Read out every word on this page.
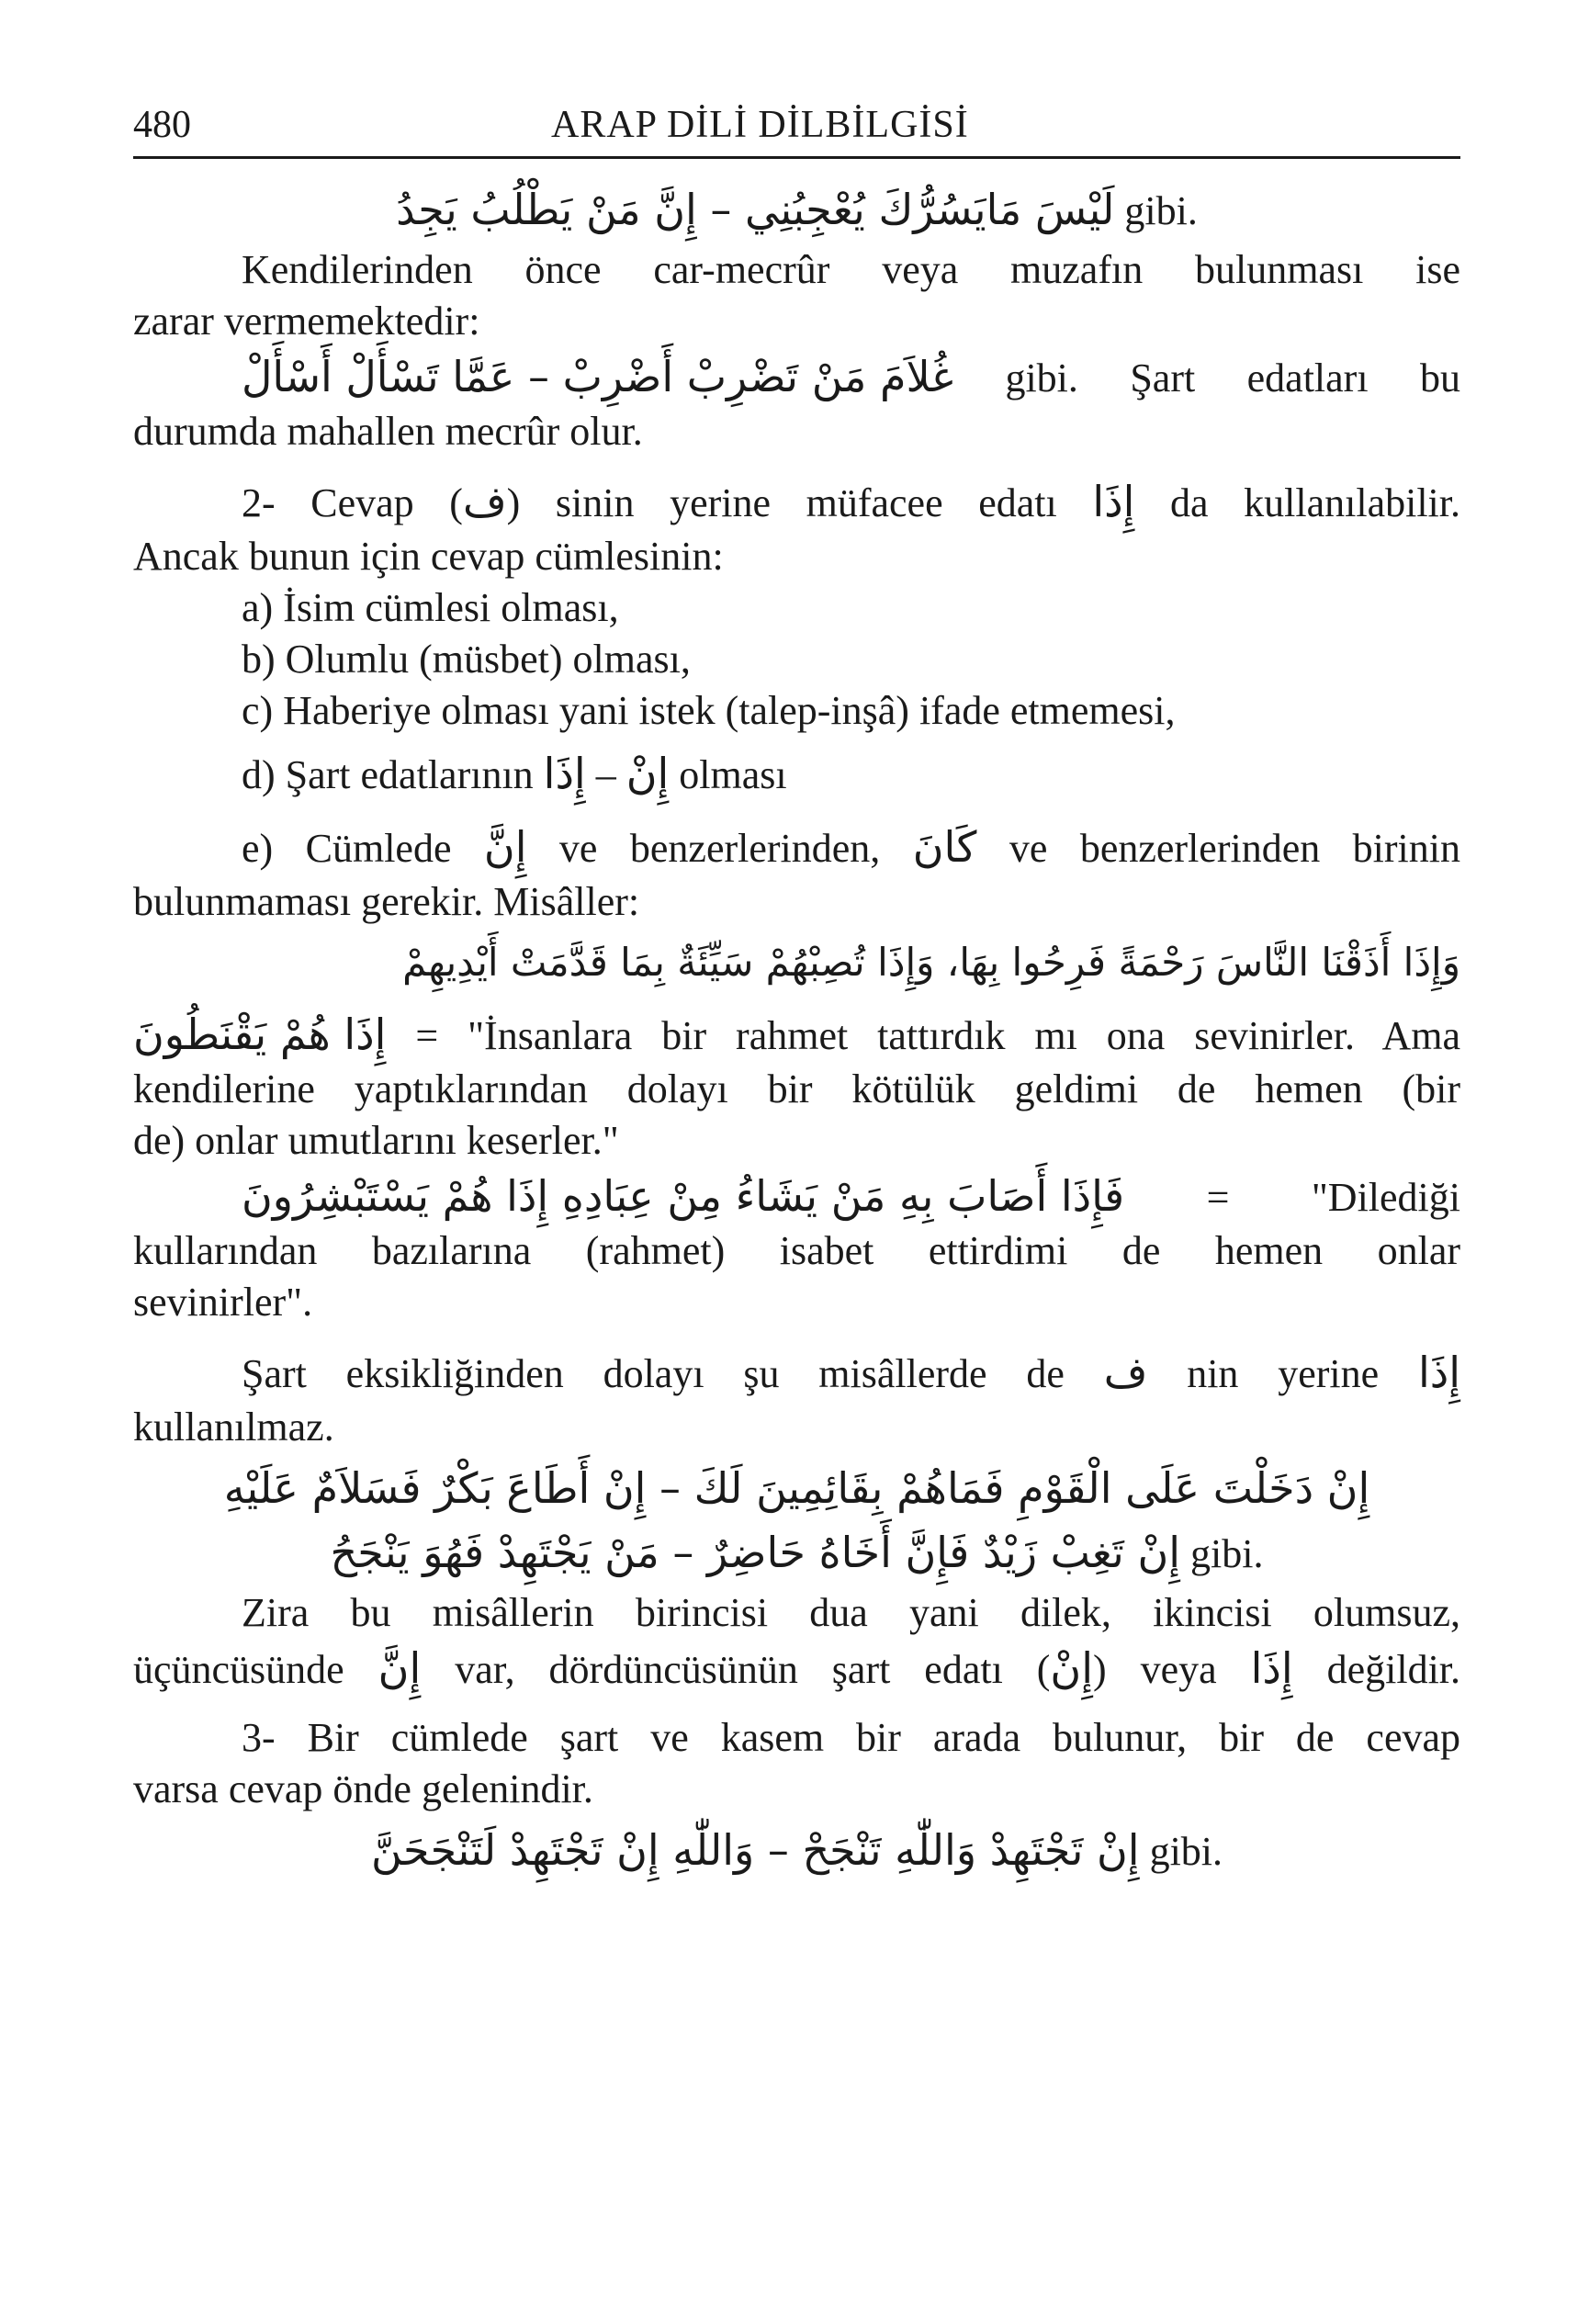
480	ARAP DİLİ DİLBİLGİSİ

لَيْسَ مَايَسُرُّكَ يُعْجِبُنِي – إِنَّ مَنْ يَطْلُبُ يَجِدُ gibi.

Kendilerinden önce car-mecrûr veya muzafın bulunması ise

zarar vermemektedir:

غُلاَمَ مَنْ تَضْرِبْ أَضْرِبْ – عَمَّا تَسْأَلْ أَسْأَلْ gibi. Şart edatları bu

durumda mahallen mecrûr olur.

2- Cevap (ف) sinin yerine müfacee edatı إِذَا da kullanılabilir.

Ancak bunun için cevap cümlesinin:

a) İsim cümlesi olması,

b) Olumlu (müsbet) olması,

c) Haberiye olması yani istek (talep-inşâ) ifade etmemesi,

d) Şart edatlarının إِنْ – إِذَا olması

e) Cümlede إِنَّ ve benzerlerinden, كَانَ ve benzerlerinden birinin

bulunmaması gerekir. Misâller:

وَإِذَا أَذَقْنَا النَّاسَ رَحْمَةً فَرِحُوا بِهَا، وَإِذَا تُصِبْهُمْ سَيِّئَةٌ بِمَا قَدَّمَتْ أَيْدِيهِمْ

إِذَا هُمْ يَقْنَطُونَ = "İnsanlara bir rahmet tattırdık mı ona sevinirler. Ama

kendilerine yaptıklarından dolayı bir kötülük geldimi de hemen (bir

de) onlar umutlarını keserler."

فَإِذَا أَصَابَ بِهِ مَنْ يَشَاءُ مِنْ عِبَادِهِ إِذَا هُمْ يَسْتَبْشِرُونَ = "Dilediği

kullarından bazılarına (rahmet) isabet ettirdimi de hemen onlar

sevinirler".

Şart eksikliğinden dolayı şu misâllerde de ف nin yerine إِذَا

kullanılmaz.

إِنْ دَخَلْتَ عَلَى الْقَوْمِ فَمَاهُمْ بِقَائِمِينَ لَكَ – إِنْ أَطَاعَ بَكْرٌ فَسَلاَمٌ عَلَيْهِ

إِنْ تَغِبْ زَيْدٌ فَإِنَّ أَخَاهُ حَاضِرٌ – مَنْ يَجْتَهِدْ فَهُوَ يَنْجَحُ gibi.

Zira bu misâllerin birincisi dua yani dilek, ikincisi olumsuz,

üçüncüsünde إِنَّ var, dördüncüsünün şart edatı (إِنْ) veya إِذَا değildir.

3- Bir cümlede şart ve kasem bir arada bulunur, bir de cevap

varsa cevap önde gelenindir.

إِنْ تَجْتَهِدْ وَاللّٰهِ تَنْجَحْ – وَاللّٰهِ إِنْ تَجْتَهِدْ لَتَنْجَحَنَّ gibi.
